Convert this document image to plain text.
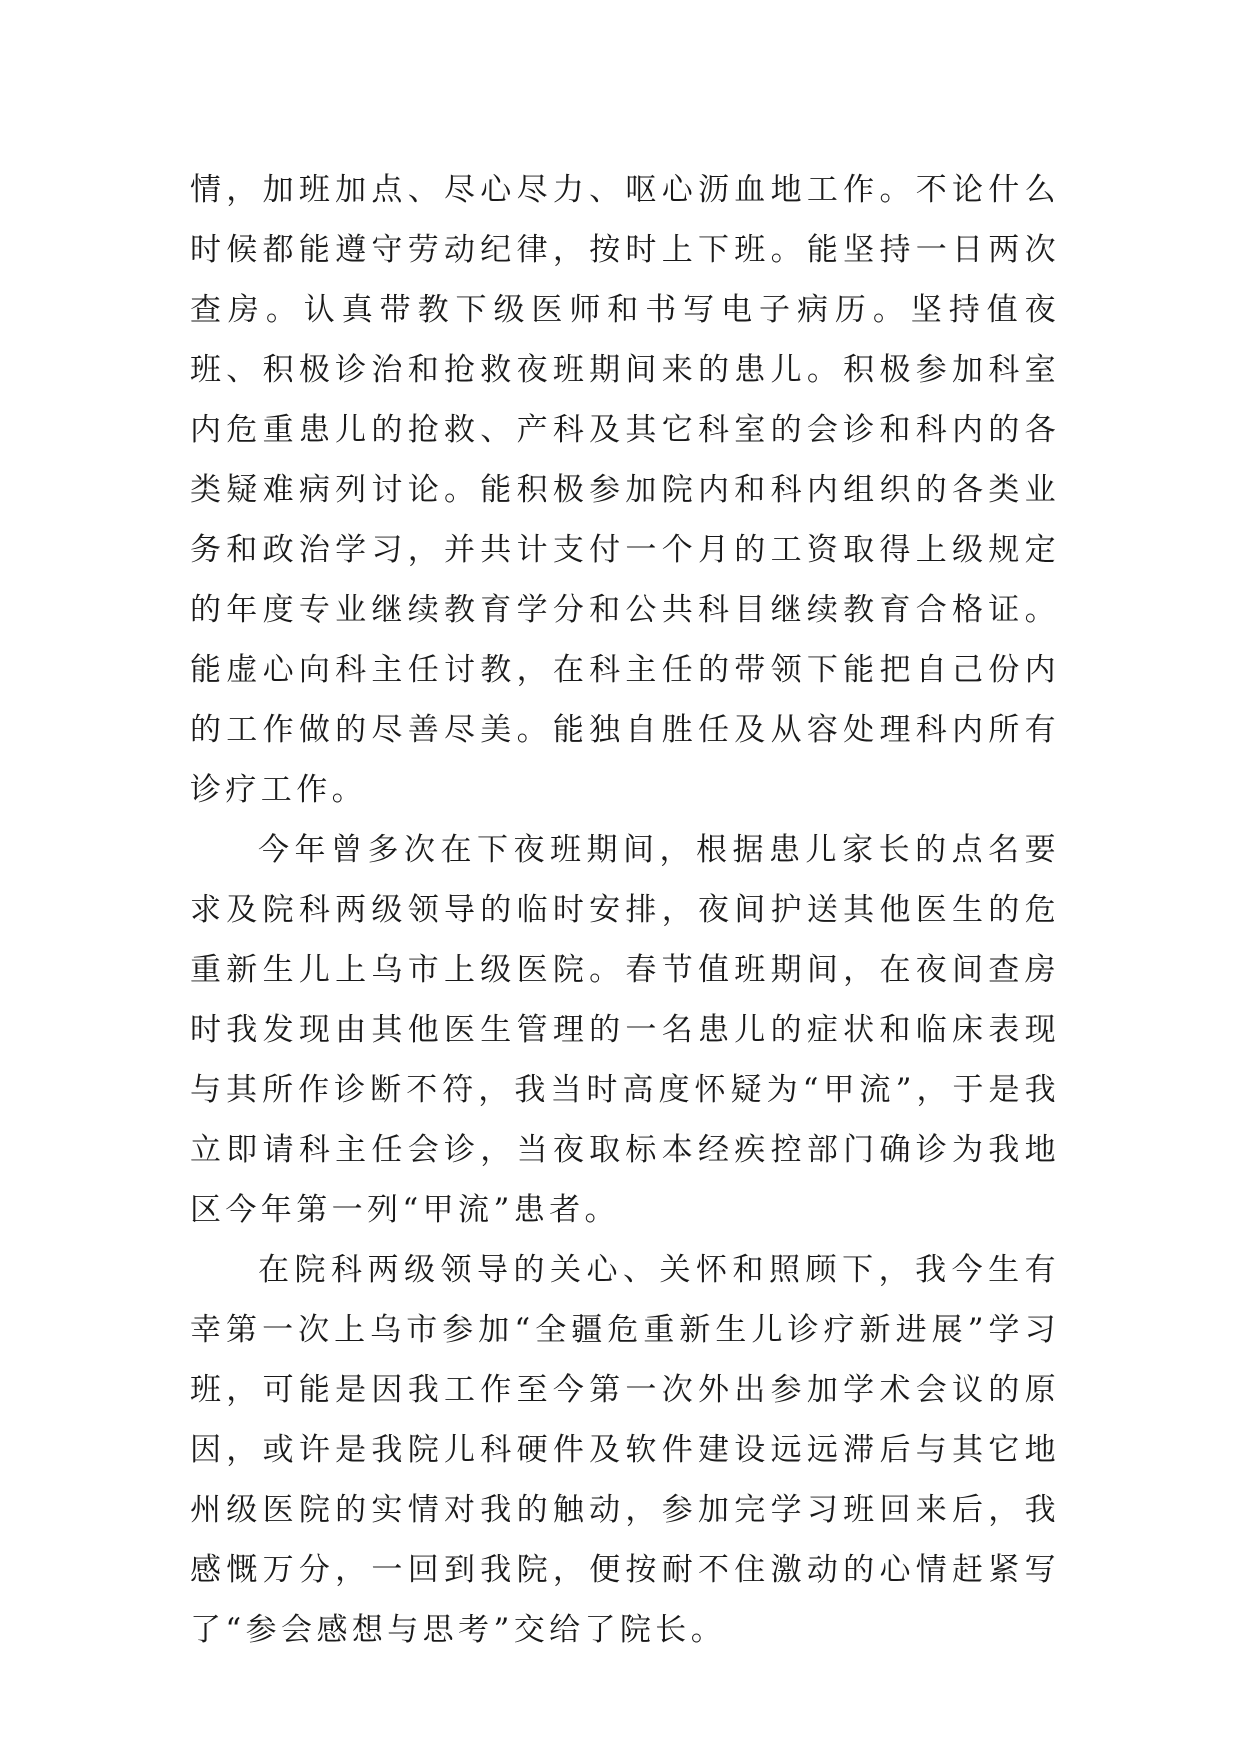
情，加班加点、尽心尽力、呕心沥血地工作。不论什么时候都能遵守劳动纪律，按时上下班。能坚持一日两次查房。认真带教下级医师和书写电子病历。坚持值夜班、积极诊治和抢救夜班期间来的患儿。积极参加科室内危重患儿的抢救、产科及其它科室的会诊和科内的各类疑难病列讨论。能积极参加院内和科内组织的各类业务和政治学习，并共计支付一个月的工资取得上级规定的年度专业继续教育学分和公共科目继续教育合格证。能虚心向科主任讨教，在科主任的带领下能把自己份内的工作做的尽善尽美。能独自胜任及从容处理科内所有诊疗工作。

今年曾多次在下夜班期间，根据患儿家长的点名要求及院科两级领导的临时安排，夜间护送其他医生的危重新生儿上乌市上级医院。春节值班期间，在夜间查房时我发现由其他医生管理的一名患儿的症状和临床表现与其所作诊断不符，我当时高度怀疑为“甲流”，于是我立即请科主任会诊，当夜取标本经疾控部门确诊为我地区今年第一列“甲流”患者。

在院科两级领导的关心、关怀和照顾下，我今生有幸第一次上乌市参加“全疆危重新生儿诊疗新进展”学习班，可能是因我工作至今第一次外出参加学术会议的原因，或许是我院儿科硬件及软件建设远远滞后与其它地州级医院的实情对我的触动，参加完学习班回来后，我感慨万分，一回到我院，便按耐不住激动的心情赶紧写了“参会感想与思考”交给了院长。
